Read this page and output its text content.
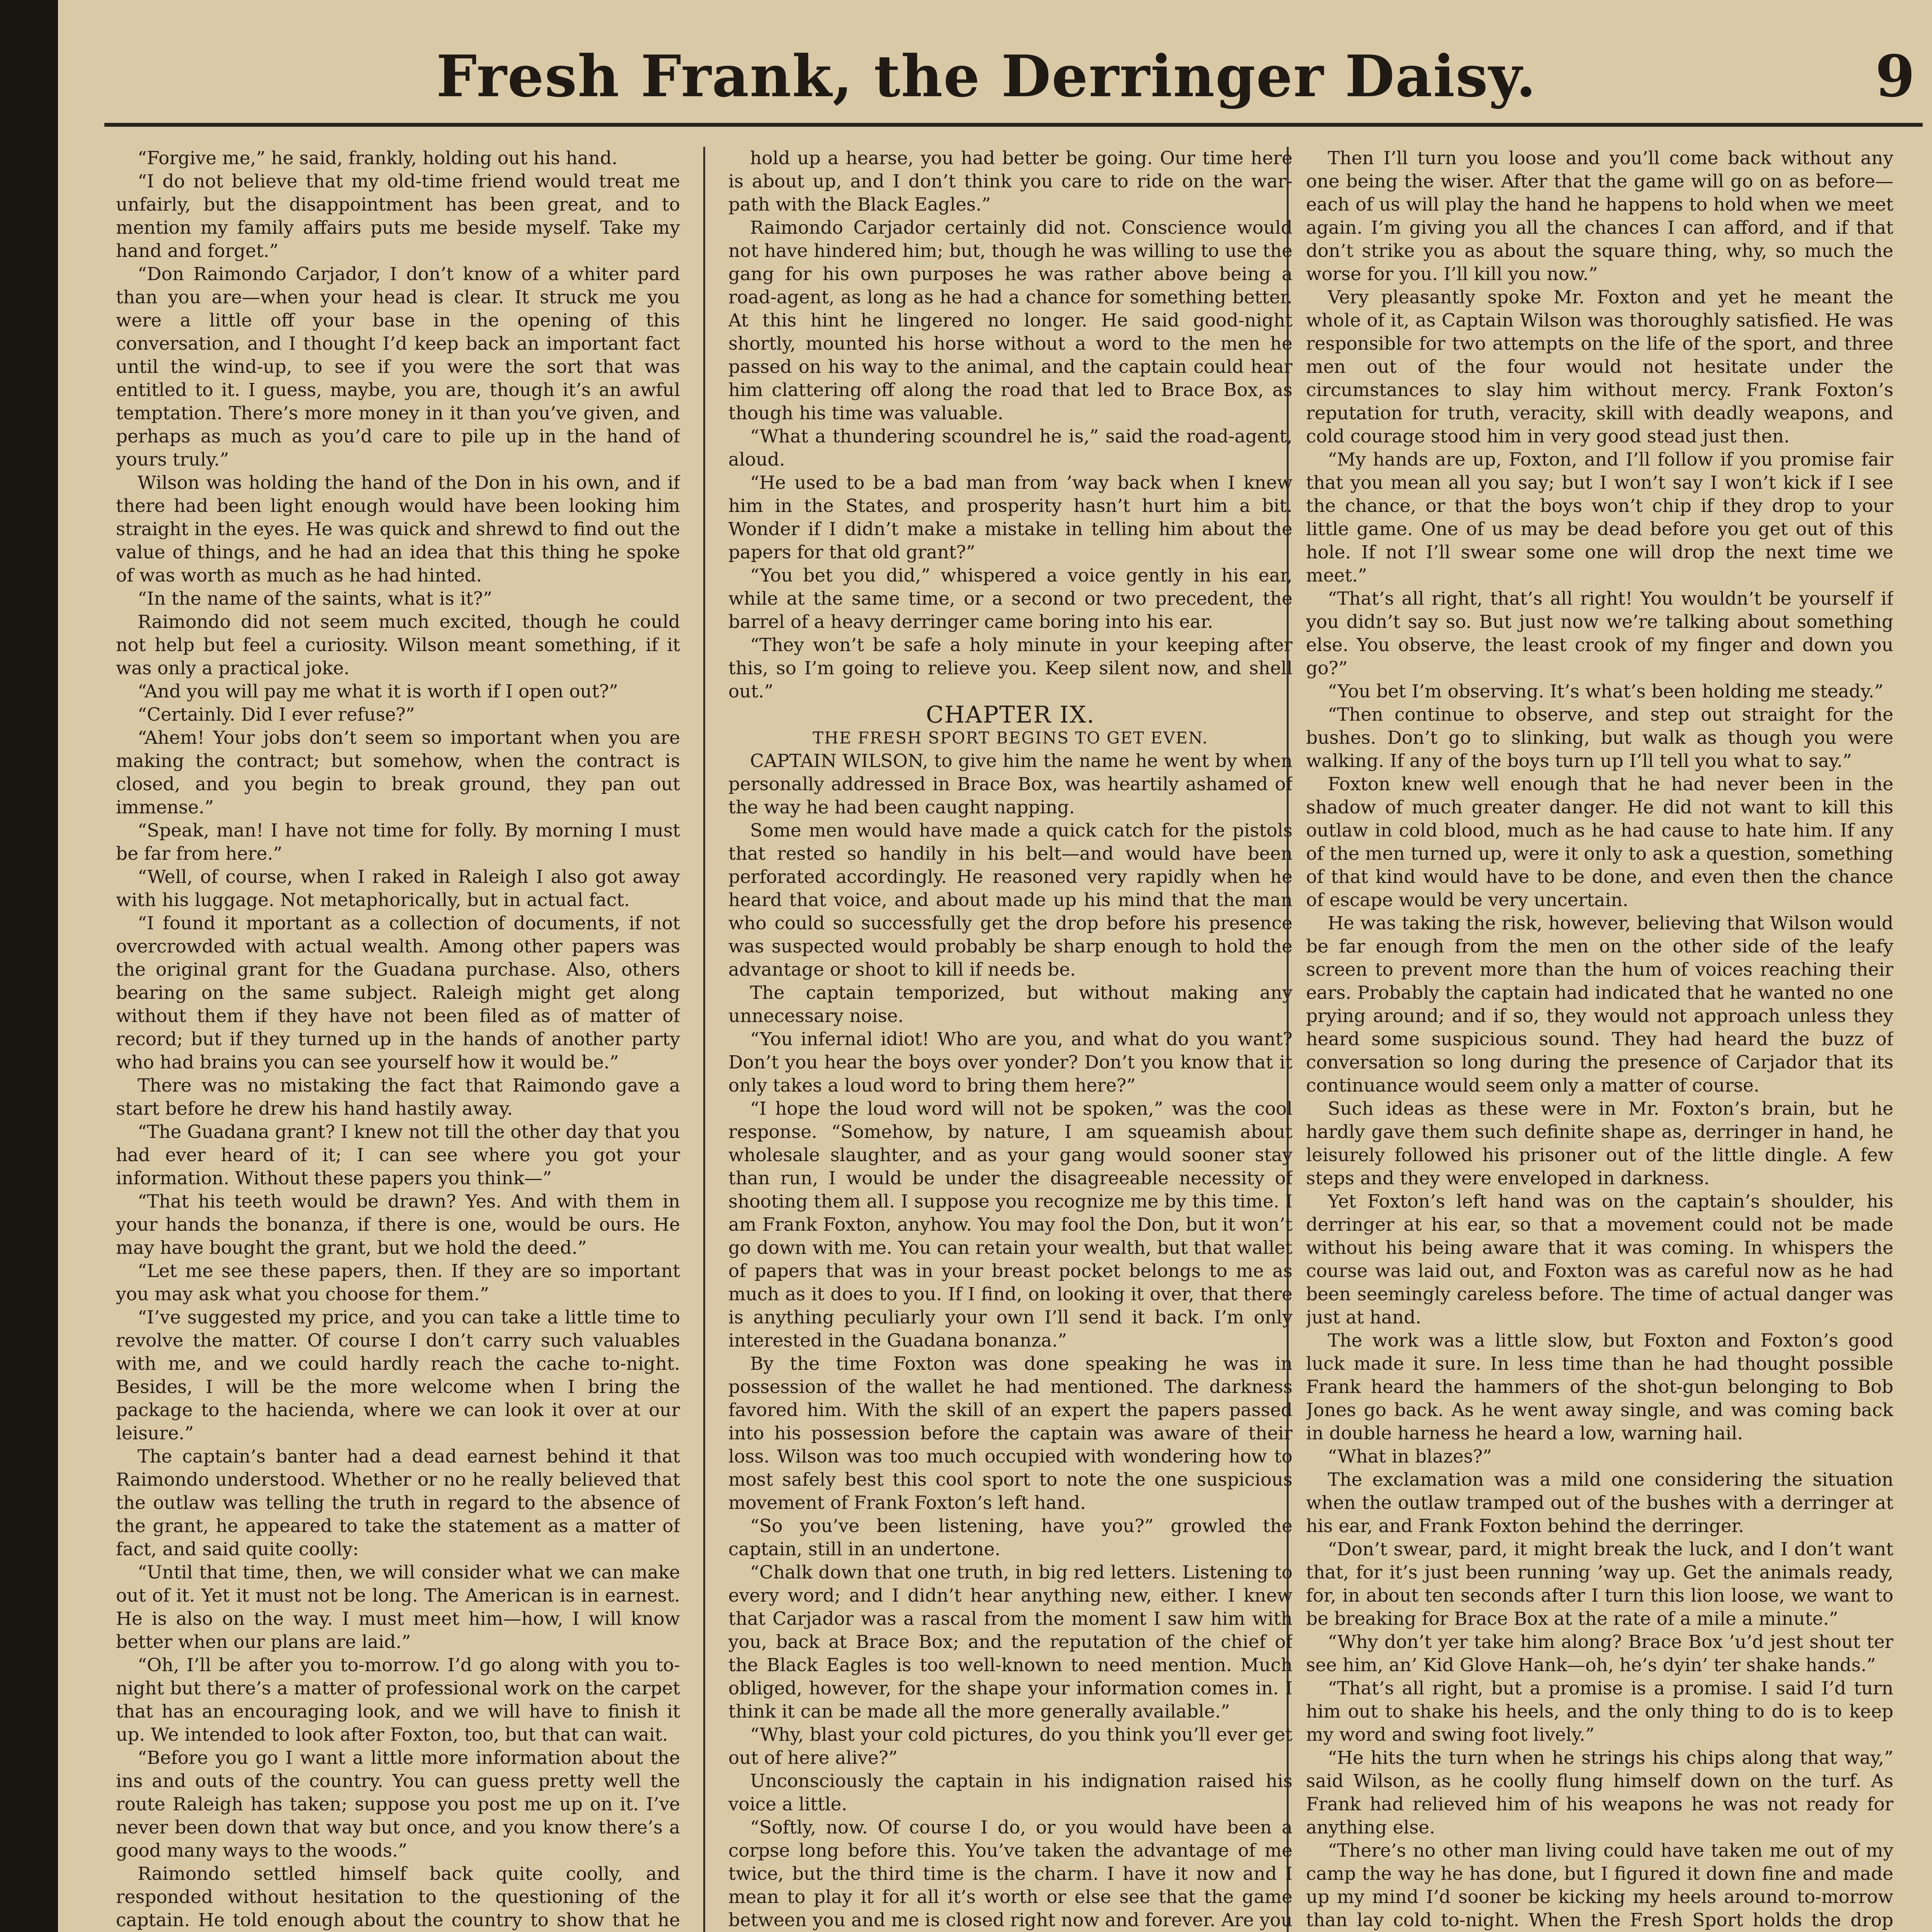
Fresh Frank, the Derringer Daisy.	9

“Forgive me,” he said, frankly, holding out his hand.

“I do not believe that my old-time friend would treat me unfairly, but the disappointment has been great, and to mention my family affairs puts me beside myself. Take my hand and forget.”

“Don Raimondo Carjador, I don’t know of a whiter pard than you are—when your head is clear. It struck me you were a little off your base in the opening of this conversation, and I thought I’d keep back an important fact until the wind-up, to see if you were the sort that was entitled to it. I guess, maybe, you are, though it’s an awful temptation. There’s more money in it than you’ve given, and perhaps as much as you’d care to pile up in the hand of yours truly.”

Wilson was holding the hand of the Don in his own, and if there had been light enough would have been looking him straight in the eyes. He was quick and shrewd to find out the value of things, and he had an idea that this thing he spoke of was worth as much as he had hinted.

“In the name of the saints, what is it?”

Raimondo did not seem much excited, though he could not help but feel a curiosity. Wilson meant something, if it was only a practical joke.

“And you will pay me what it is worth if I open out?”

“Certainly. Did I ever refuse?”

“Ahem! Your jobs don’t seem so important when you are making the contract; but somehow, when the contract is closed, and you begin to break ground, they pan out immense.”

“Speak, man! I have not time for folly. By morning I must be far from here.”

“Well, of course, when I raked in Raleigh I also got away with his luggage. Not metaphorically, but in actual fact.

“I found it mportant as a collection of documents, if not overcrowded with actual wealth. Among other papers was the original grant for the Guadana purchase. Also, others bearing on the same subject. Raleigh might get along without them if they have not been filed as of matter of record; but if they turned up in the hands of another party who had brains you can see yourself how it would be.”

There was no mistaking the fact that Raimondo gave a start before he drew his hand hastily away.

“The Guadana grant? I knew not till the other day that you had ever heard of it; I can see where you got your information. Without these papers you think—”

“That his teeth would be drawn? Yes. And with them in your hands the bonanza, if there is one, would be ours. He may have bought the grant, but we hold the deed.”

“Let me see these papers, then. If they are so important you may ask what you choose for them.”

“I’ve suggested my price, and you can take a little time to revolve the matter. Of course I don’t carry such valuables with me, and we could hardly reach the cache to-night. Besides, I will be the more welcome when I bring the package to the hacienda, where we can look it over at our leisure.”

The captain’s banter had a dead earnest behind it that Raimondo understood. Whether or no he really believed that the outlaw was telling the truth in regard to the absence of the grant, he appeared to take the statement as a matter of fact, and said quite coolly:

“Until that time, then, we will consider what we can make out of it. Yet it must not be long. The American is in earnest. He is also on the way. I must meet him—how, I will know better when our plans are laid.”

“Oh, I’ll be after you to-morrow. I’d go along with you to-night but there’s a matter of professional work on the carpet that has an encouraging look, and we will have to finish it up. We intended to look after Foxton, too, but that can wait.

“Before you go I want a little more information about the ins and outs of the country. You can guess pretty well the route Raleigh has taken; suppose you post me up on it. I’ve never been down that way but once, and you know there’s a good many ways to the woods.”

Raimondo settled himself back quite coolly, and responded without hesitation to the questioning of the captain. He told enough about the country to show that he

hold up a hearse, you had better be going. Our time here is about up, and I don’t think you care to ride on the war-path with the Black Eagles.”

Raimondo Carjador certainly did not. Conscience would not have hindered him; but, though he was willing to use the gang for his own purposes he was rather above being a road-agent, as long as he had a chance for something better. At this hint he lingered no longer. He said good-night shortly, mounted his horse without a word to the men he passed on his way to the animal, and the captain could hear him clattering off along the road that led to Brace Box, as though his time was valuable.

“What a thundering scoundrel he is,” said the road-agent, aloud.

“He used to be a bad man from ’way back when I knew him in the States, and prosperity hasn’t hurt him a bit. Wonder if I didn’t make a mistake in telling him about the papers for that old grant?”

“You bet you did,” whispered a voice gently in his ear, while at the same time, or a second or two precedent, the barrel of a heavy derringer came boring into his ear.

“They won’t be safe a holy minute in your keeping after this, so I’m going to relieve you. Keep silent now, and shell out.”

CHAPTER IX.

THE FRESH SPORT BEGINS TO GET EVEN.

CAPTAIN WILSON, to give him the name he went by when personally addressed in Brace Box, was heartily ashamed of the way he had been caught napping.

Some men would have made a quick catch for the pistols that rested so handily in his belt—and would have been perforated accordingly. He reasoned very rapidly when he heard that voice, and about made up his mind that the man who could so successfully get the drop before his presence was suspected would probably be sharp enough to hold the advantage or shoot to kill if needs be.

The captain temporized, but without making any unnecessary noise.

“You infernal idiot! Who are you, and what do you want? Don’t you hear the boys over yonder? Don’t you know that it only takes a loud word to bring them here?”

“I hope the loud word will not be spoken,” was the cool response. “Somehow, by nature, I am squeamish about wholesale slaughter, and as your gang would sooner stay than run, I would be under the disagreeable necessity of shooting them all. I suppose you recognize me by this time. I am Frank Foxton, anyhow. You may fool the Don, but it won’t go down with me. You can retain your wealth, but that wallet of papers that was in your breast pocket belongs to me as much as it does to you. If I find, on looking it over, that there is anything peculiarly your own I’ll send it back. I’m only interested in the Guadana bonanza.”

By the time Foxton was done speaking he was in possession of the wallet he had mentioned. The darkness favored him. With the skill of an expert the papers passed into his possession before the captain was aware of their loss. Wilson was too much occupied with wondering how to most safely best this cool sport to note the one suspicious movement of Frank Foxton’s left hand.

“So you’ve been listening, have you?” growled the captain, still in an undertone.

“Chalk down that one truth, in big red letters. Listening to every word; and I didn’t hear anything new, either. I knew that Carjador was a rascal from the moment I saw him with you, back at Brace Box; and the reputation of the chief of the Black Eagles is too well-known to need mention. Much obliged, however, for the shape your information comes in. I think it can be made all the more generally available.”

“Why, blast your cold pictures, do you think you’ll ever get out of here alive?”

Unconsciously the captain in his indignation raised his voice a little.

“Softly, now. Of course I do, or you would have been a corpse long before this. You’ve taken the advantage of me twice, but the third time is the charm. I have it now and I mean to play it for all it’s worth or else see that the game between you and me is closed right now and forever. Are you

Then I’ll turn you loose and you’ll come back without any one being the wiser. After that the game will go on as before—each of us will play the hand he happens to hold when we meet again. I’m giving you all the chances I can afford, and if that don’t strike you as about the square thing, why, so much the worse for you. I’ll kill you now.”

Very pleasantly spoke Mr. Foxton and yet he meant the whole of it, as Captain Wilson was thoroughly satisfied. He was responsible for two attempts on the life of the sport, and three men out of the four would not hesitate under the circumstances to slay him without mercy. Frank Foxton’s reputation for truth, veracity, skill with deadly weapons, and cold courage stood him in very good stead just then.

“My hands are up, Foxton, and I’ll follow if you promise fair that you mean all you say; but I won’t say I won’t kick if I see the chance, or that the boys won’t chip if they drop to your little game. One of us may be dead before you get out of this hole. If not I’ll swear some one will drop the next time we meet.”

“That’s all right, that’s all right! You wouldn’t be yourself if you didn’t say so. But just now we’re talking about something else. You observe, the least crook of my finger and down you go?”

“You bet I’m observing. It’s what’s been holding me steady.”

“Then continue to observe, and step out straight for the bushes. Don’t go to slinking, but walk as though you were walking. If any of the boys turn up I’ll tell you what to say.”

Foxton knew well enough that he had never been in the shadow of much greater danger. He did not want to kill this outlaw in cold blood, much as he had cause to hate him. If any of the men turned up, were it only to ask a question, something of that kind would have to be done, and even then the chance of escape would be very uncertain.

He was taking the risk, however, believing that Wilson would be far enough from the men on the other side of the leafy screen to prevent more than the hum of voices reaching their ears. Probably the captain had indicated that he wanted no one prying around; and if so, they would not approach unless they heard some suspicious sound. They had heard the buzz of conversation so long during the presence of Carjador that its continuance would seem only a matter of course.

Such ideas as these were in Mr. Foxton’s brain, but he hardly gave them such definite shape as, derringer in hand, he leisurely followed his prisoner out of the little dingle. A few steps and they were enveloped in darkness.

Yet Foxton’s left hand was on the captain’s shoulder, his derringer at his ear, so that a movement could not be made without his being aware that it was coming. In whispers the course was laid out, and Foxton was as careful now as he had been seemingly careless before. The time of actual danger was just at hand.

The work was a little slow, but Foxton and Foxton’s good luck made it sure. In less time than he had thought possible Frank heard the hammers of the shot-gun belonging to Bob Jones go back. As he went away single, and was coming back in double harness he heard a low, warning hail.

“What in blazes?”

The exclamation was a mild one considering the situation when the outlaw tramped out of the bushes with a derringer at his ear, and Frank Foxton behind the derringer.

“Don’t swear, pard, it might break the luck, and I don’t want that, for it’s just been running ’way up. Get the animals ready, for, in about ten seconds after I turn this lion loose, we want to be breaking for Brace Box at the rate of a mile a minute.”

“Why don’t yer take him along? Brace Box ’u’d jest shout ter see him, an’ Kid Glove Hank—oh, he’s dyin’ ter shake hands.”

“That’s all right, but a promise is a promise. I said I’d turn him out to shake his heels, and the only thing to do is to keep my word and swing foot lively.”

“He hits the turn when he strings his chips along that way,” said Wilson, as he coolly flung himself down on the turf. As Frank had relieved him of his weapons he was not ready for anything else.

“There’s no other man living could have taken me out of my camp the way he has done, but I figured it down fine and made up my mind I’d sooner be kicking my heels around to-morrow than lay cold to-night. When the Fresh Sport holds the drop
